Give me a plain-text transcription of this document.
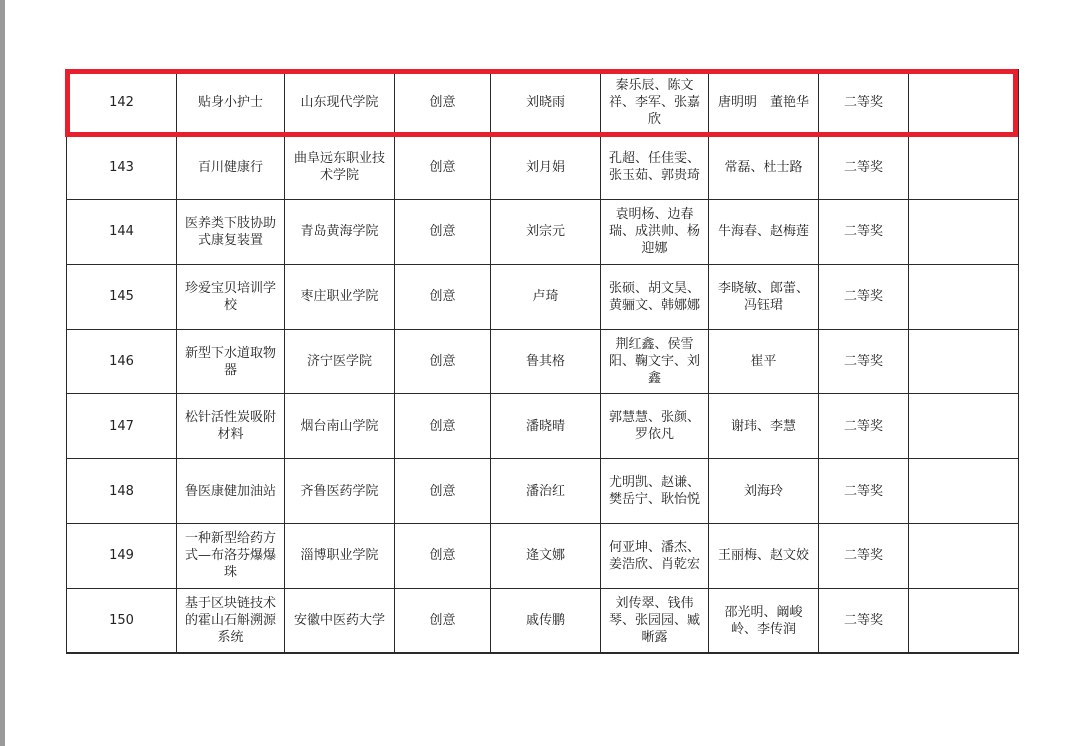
142	贴身小护士	山东现代学院	创意	刘晓雨	秦乐辰、陈文祥、李军、张嘉欣	唐明明　董艳华	二等奖	
143	百川健康行	曲阜远东职业技术学院	创意	刘月娟	孔超、任佳雯、张玉茹、郭贵琦	常磊、杜士路	二等奖	
144	医养类下肢协助式康复装置	青岛黄海学院	创意	刘宗元	袁明杨、边春瑞、成洪帅、杨迎娜	牛海春、赵梅莲	二等奖	
145	珍爱宝贝培训学校	枣庄职业学院	创意	卢琦	张硕、胡文昊、黄骊文、韩娜娜	李晓敏、郎蕾、冯钰珺	二等奖	
146	新型下水道取物器	济宁医学院	创意	鲁其格	荆红鑫、侯雪阳、鞠文宇、刘鑫	崔平	二等奖	
147	松针活性炭吸附材料	烟台南山学院	创意	潘晓晴	郭慧慧、张颜、罗依凡	谢玮、李慧	二等奖	
148	鲁医康健加油站	齐鲁医药学院	创意	潘治红	尤明凯、赵谦、樊岳宁、耿怡悦	刘海玲	二等奖	
149	一种新型给药方式—布洛芬爆爆珠	淄博职业学院	创意	逄文娜	何亚坤、潘杰、姜浩欣、肖乾宏	王丽梅、赵文姣	二等奖	
150	基于区块链技术的霍山石斛溯源系统	安徽中医药大学	创意	戚传鹏	刘传翠、钱伟琴、张园园、臧晰露	邵光明、阚峻岭、李传润	二等奖	
